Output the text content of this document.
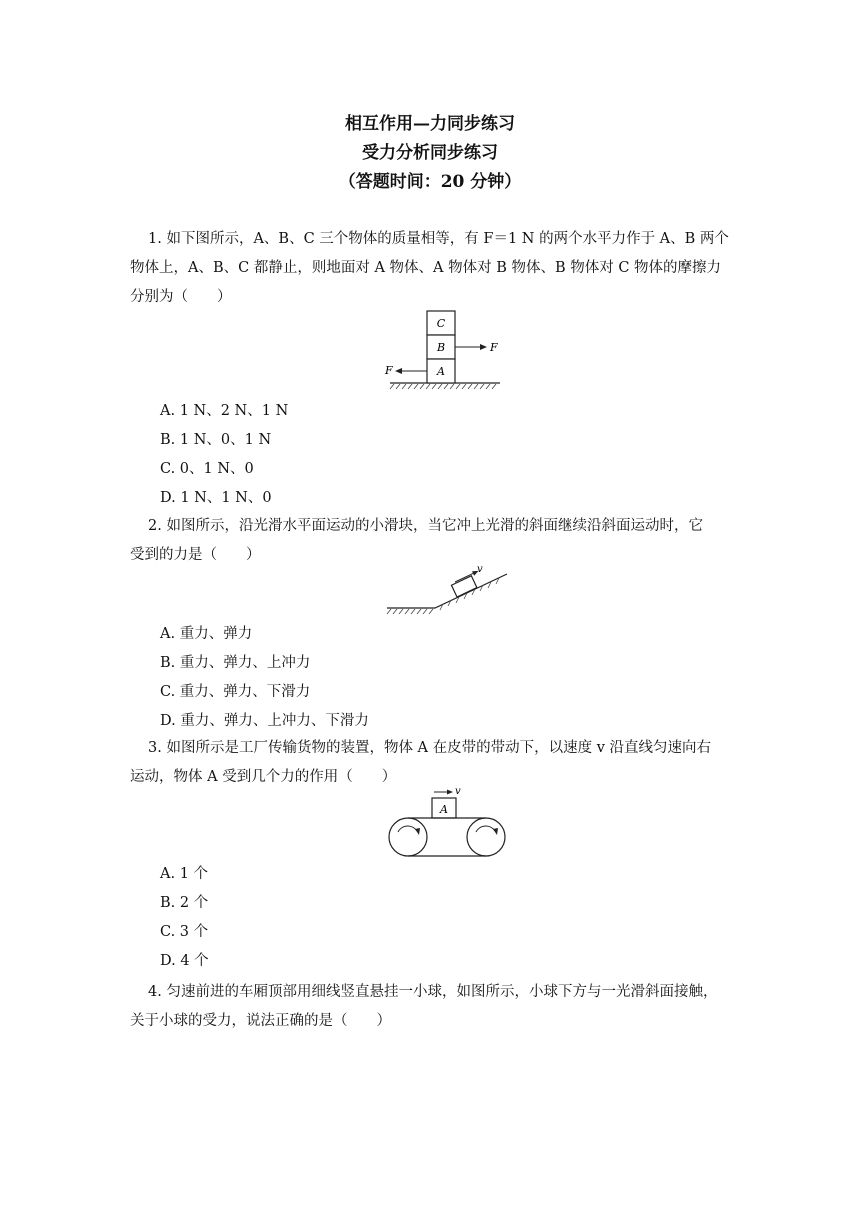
相互作用—力同步练习
受力分析同步练习
（答题时间：20 分钟）
1. 如下图所示，A、B、C 三个物体的质量相等，有 F＝1 N 的两个水平力作于 A、B 两个
物体上，A、B、C 都静止，则地面对 A 物体、A 物体对 B 物体、B 物体对 C 物体的摩擦力
分别为（　　）
C
B
A
F
F
A. 1 N、2 N、1 N
B. 1 N、0、1 N
C. 0、1 N、0
D. 1 N、1 N、0
2. 如图所示，沿光滑水平面运动的小滑块，当它冲上光滑的斜面继续沿斜面运动时，它
受到的力是（　　）
v
A. 重力、弹力
B. 重力、弹力、上冲力
C. 重力、弹力、下滑力
D. 重力、弹力、上冲力、下滑力
3. 如图所示是工厂传输货物的装置，物体 A 在皮带的带动下，以速度 v 沿直线匀速向右
运动，物体 A 受到几个力的作用（　　）
v
A
A. 1 个
B. 2 个
C. 3 个
D. 4 个
4. 匀速前进的车厢顶部用细线竖直悬挂一小球，如图所示，小球下方与一光滑斜面接触，
关于小球的受力，说法正确的是（　　）
